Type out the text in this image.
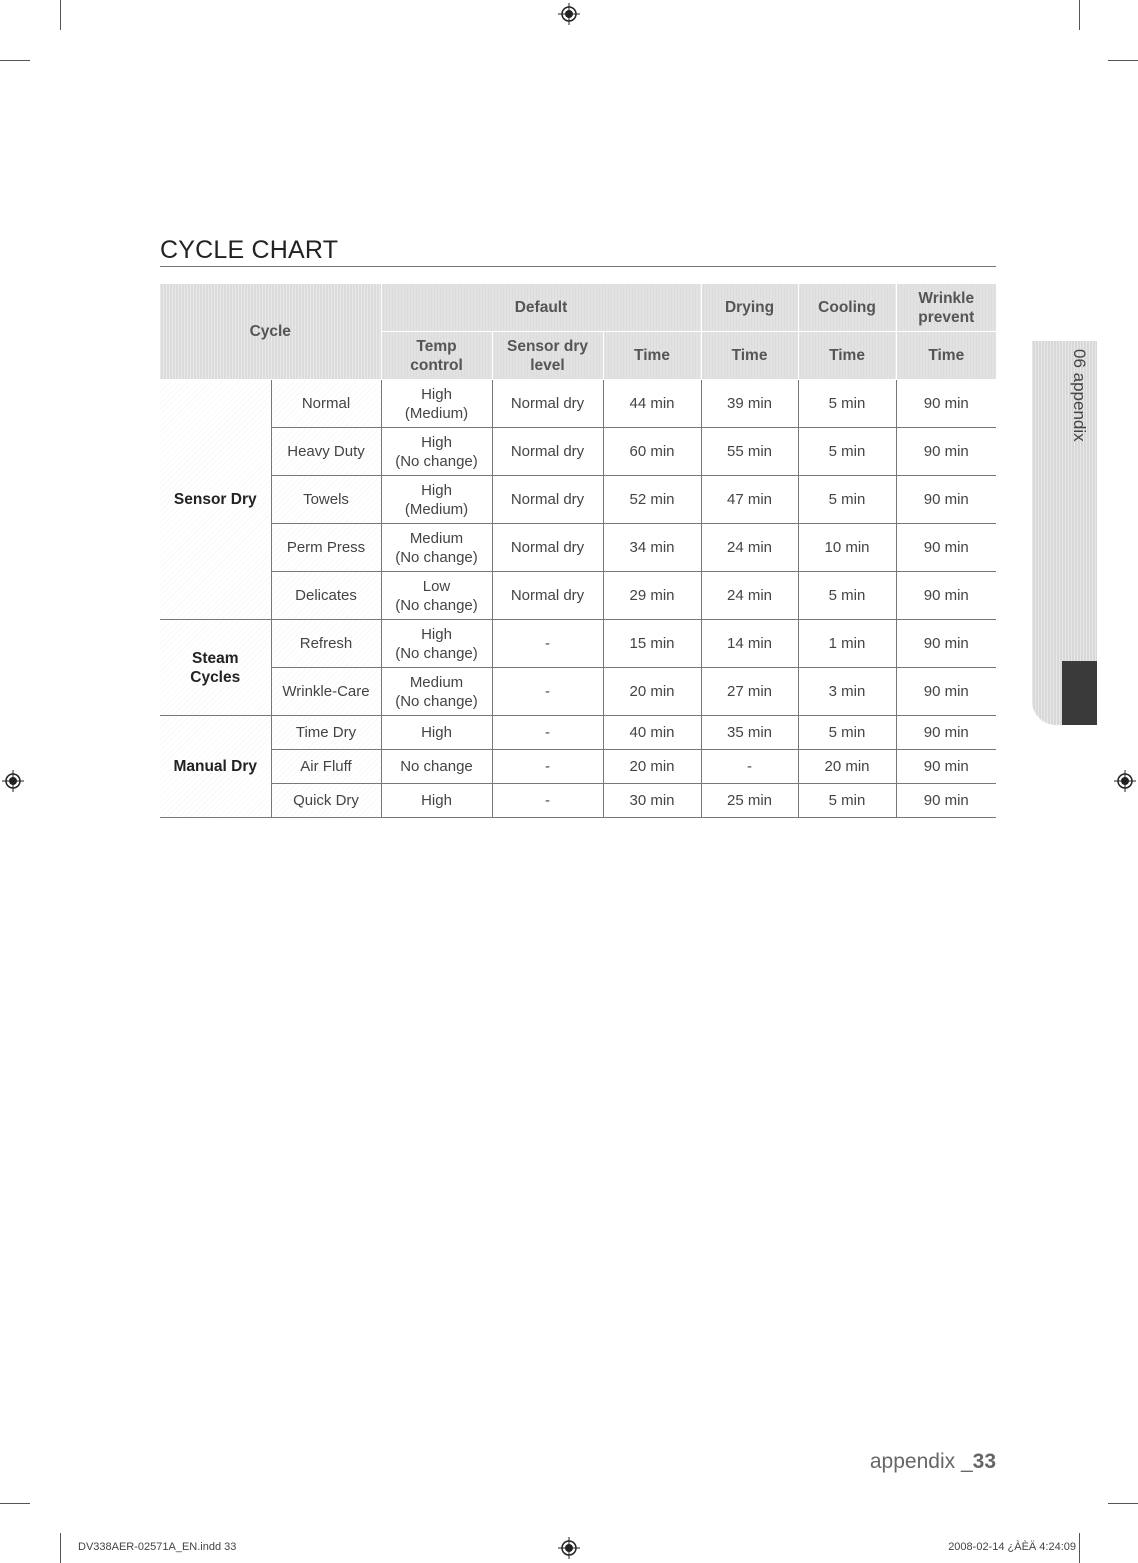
CYCLE CHART
Cycle		Default			Drying	Cooling	Wrinkle
prevent
		Temp
control	Sensor dry
level	Time	Time	Time	Time
Sensor Dry	Normal	High
(Medium)	Normal dry	44 min	39 min	5 min	90 min
	Heavy Duty	High
(No change)	Normal dry	60 min	55 min	5 min	90 min
	Towels	High
(Medium)	Normal dry	52 min	47 min	5 min	90 min
	Perm Press	Medium
(No change)	Normal dry	34 min	24 min	10 min	90 min
	Delicates	Low
(No change)	Normal dry	29 min	24 min	5 min	90 min
Steam
Cycles	Refresh	High
(No change)	-	15 min	14 min	1 min	90 min
	Wrinkle-Care	Medium
(No change)	-	20 min	27 min	3 min	90 min
Manual Dry	Time Dry	High	-	40 min	35 min	5 min	90 min
	Air Fluff	No change	-	20 min	-	20 min	90 min
	Quick Dry	High	-	30 min	25 min	5 min	90 min
06 appendix
appendix _33
DV338AER-02571A_EN.indd 33	2008-02-14 ¿ÀÈÄ 4:24:09
